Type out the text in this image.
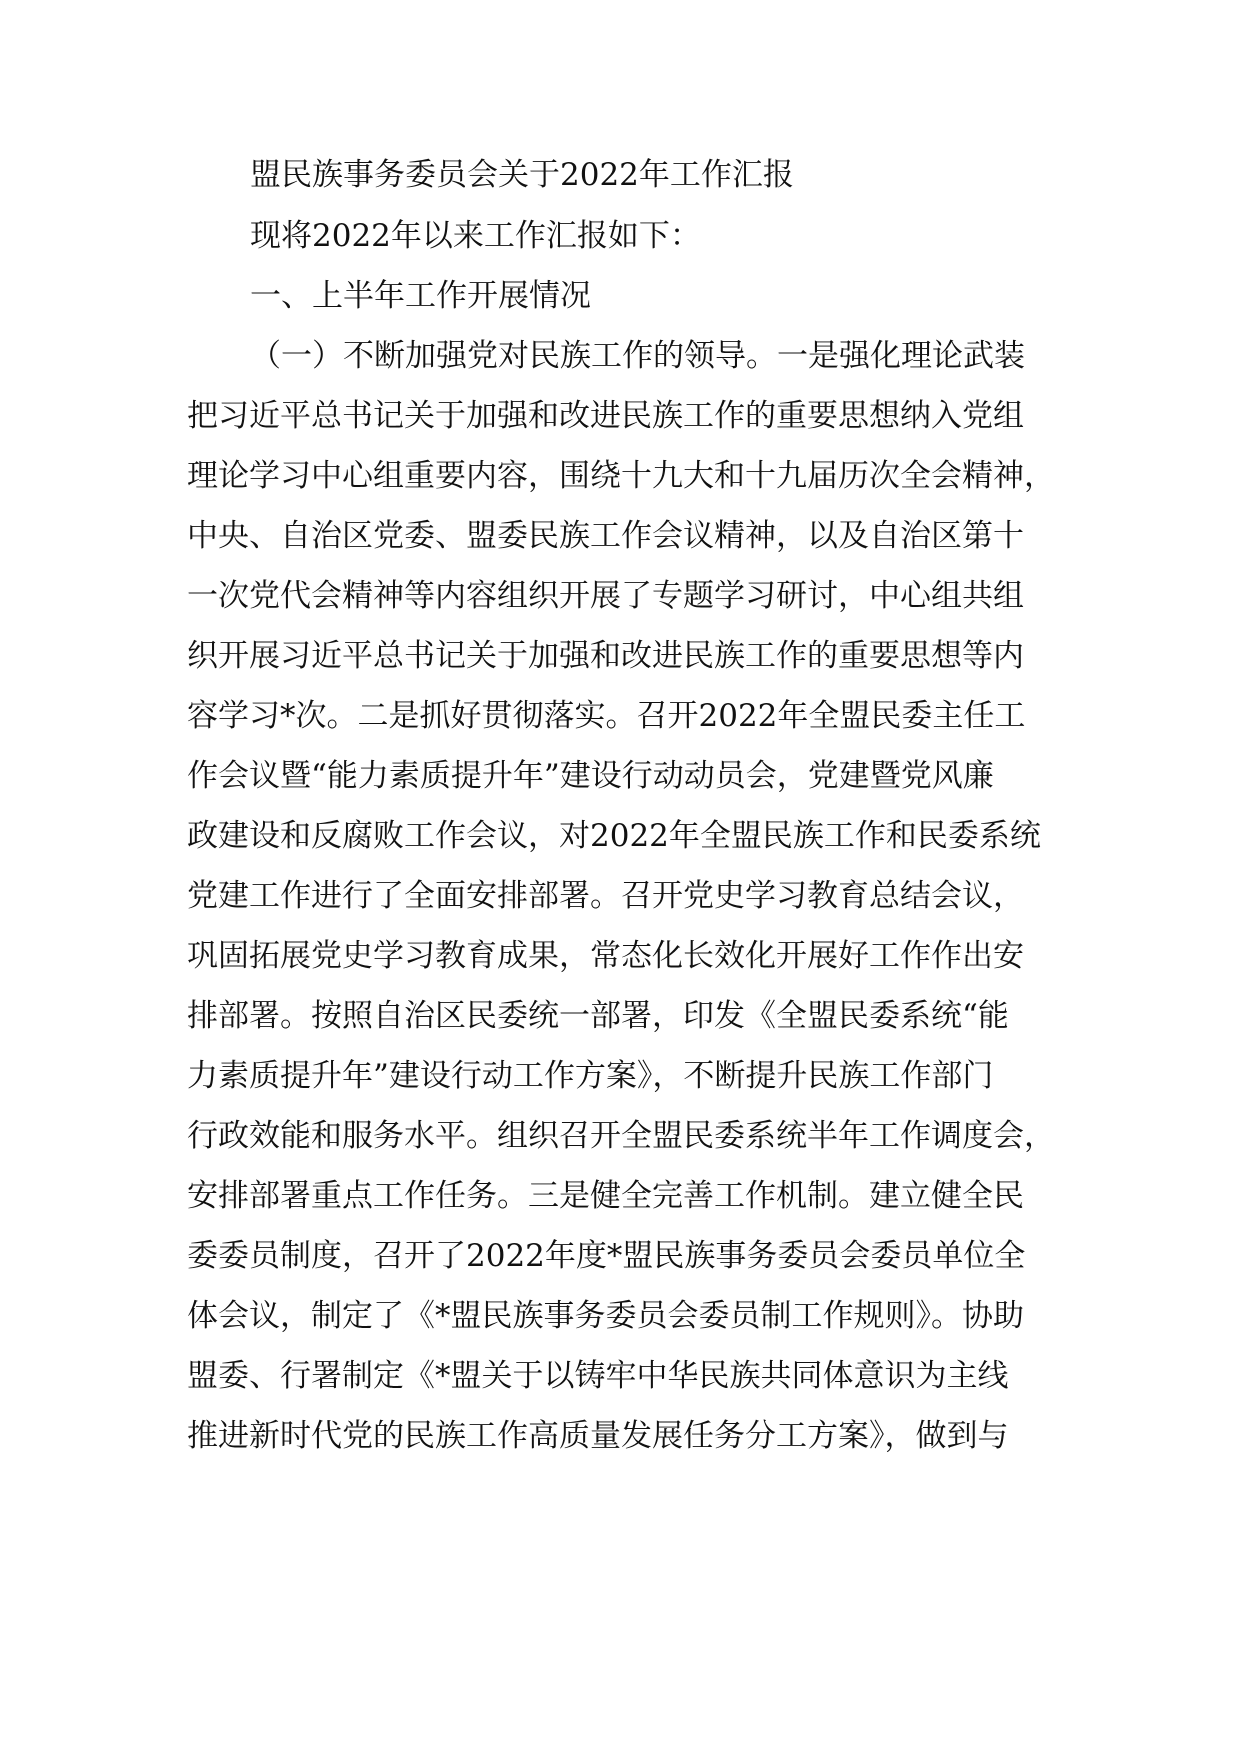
盟民族事务委员会关于2022年工作汇报
现将2022年以来工作汇报如下：
一、上半年工作开展情况
（一）不断加强党对民族工作的领导。一是强化理论武装
把习近平总书记关于加强和改进民族工作的重要思想纳入党组
理论学习中心组重要内容，围绕十九大和十九届历次全会精神，
中央、自治区党委、盟委民族工作会议精神，以及自治区第十
一次党代会精神等内容组织开展了专题学习研讨，中心组共组
织开展习近平总书记关于加强和改进民族工作的重要思想等内
容学习*次。二是抓好贯彻落实。召开2022年全盟民委主任工
作会议暨“能力素质提升年”建设行动动员会，党建暨党风廉
政建设和反腐败工作会议，对2022年全盟民族工作和民委系统
党建工作进行了全面安排部署。召开党史学习教育总结会议，
巩固拓展党史学习教育成果，常态化长效化开展好工作作出安
排部署。按照自治区民委统一部署，印发《全盟民委系统“能
力素质提升年”建设行动工作方案》，不断提升民族工作部门
行政效能和服务水平。组织召开全盟民委系统半年工作调度会，
安排部署重点工作任务。三是健全完善工作机制。建立健全民
委委员制度，召开了2022年度*盟民族事务委员会委员单位全
体会议，制定了《*盟民族事务委员会委员制工作规则》。协助
盟委、行署制定《*盟关于以铸牢中华民族共同体意识为主线
推进新时代党的民族工作高质量发展任务分工方案》，做到与
